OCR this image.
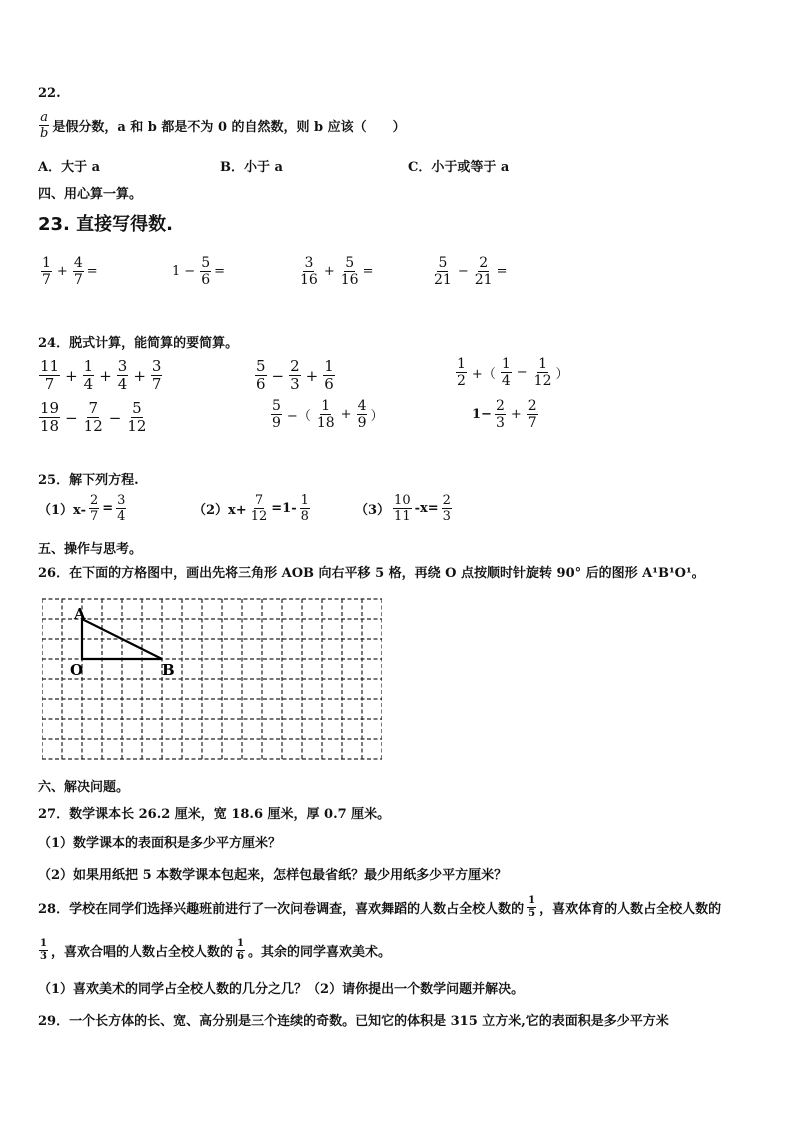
22.
$\frac{a}{b}$ 是假分数，a 和 b 都是不为 0 的自然数，则 b 应该（　　）
A．大于 a	B．小于 a	C．小于或等于 a
四、用心算一算。
23. 直接写得数.
$\frac{1}{7} + \frac{4}{7}$ =	$1 - \frac{5}{6}$ =	$\frac{3}{16} + \frac{5}{16}$ =	$\frac{5}{21} - \frac{2}{21}$ =
24．脱式计算，能简算的要简算。
$\frac{11}{7} + \frac{1}{4} + \frac{3}{4} + \frac{3}{7}$	$\frac{5}{6} - \frac{2}{3} + \frac{1}{6}$	$\frac{1}{2}$ +（ $\frac{1}{4} - \frac{1}{12}$ ）
$\frac{19}{18} - \frac{7}{12} - \frac{5}{12}$	$\frac{5}{9}$ −（ $\frac{1}{18} + \frac{4}{9}$ ）	$1- \frac{2}{3} + \frac{2}{7}$
25．解下列方程.
$(1)x- \frac{2}{7} = \frac{3}{4}$	$(2)x+ \frac{7}{12} =1- \frac{1}{8}$	$(3) \frac{10}{11} -x= \frac{2}{3}$
五、操作与思考。
26．在下面的方格图中，画出先将三角形 AOB 向右平移 5 格，再绕 O 点按顺时针旋转 90° 后的图形 A¹B¹O¹。
A
O	B
六、解决问题。
27．数学课本长 26.2 厘米，宽 18.6 厘米，厚 0.7 厘米。
（1）数学课本的表面积是多少平方厘米？
（2）如果用纸把 5 本数学课本包起来，怎样包最省纸？最少用纸多少平方厘米？
28．学校在同学们选择兴趣班前进行了一次问卷调查，喜欢舞蹈的人数占全校人数的 $\frac{1}{5}$ ，喜欢体育的人数占全校人数的
$\frac{1}{3}$ ，喜欢合唱的人数占全校人数的 $\frac{1}{6}$ 。其余的同学喜欢美术。
（1）喜欢美术的同学占全校人数的几分之几？（2）请你提出一个数学问题并解决。
29．一个长方体的长、宽、高分别是三个连续的奇数。已知它的体积是 315 立方米,它的表面积是多少平方米
